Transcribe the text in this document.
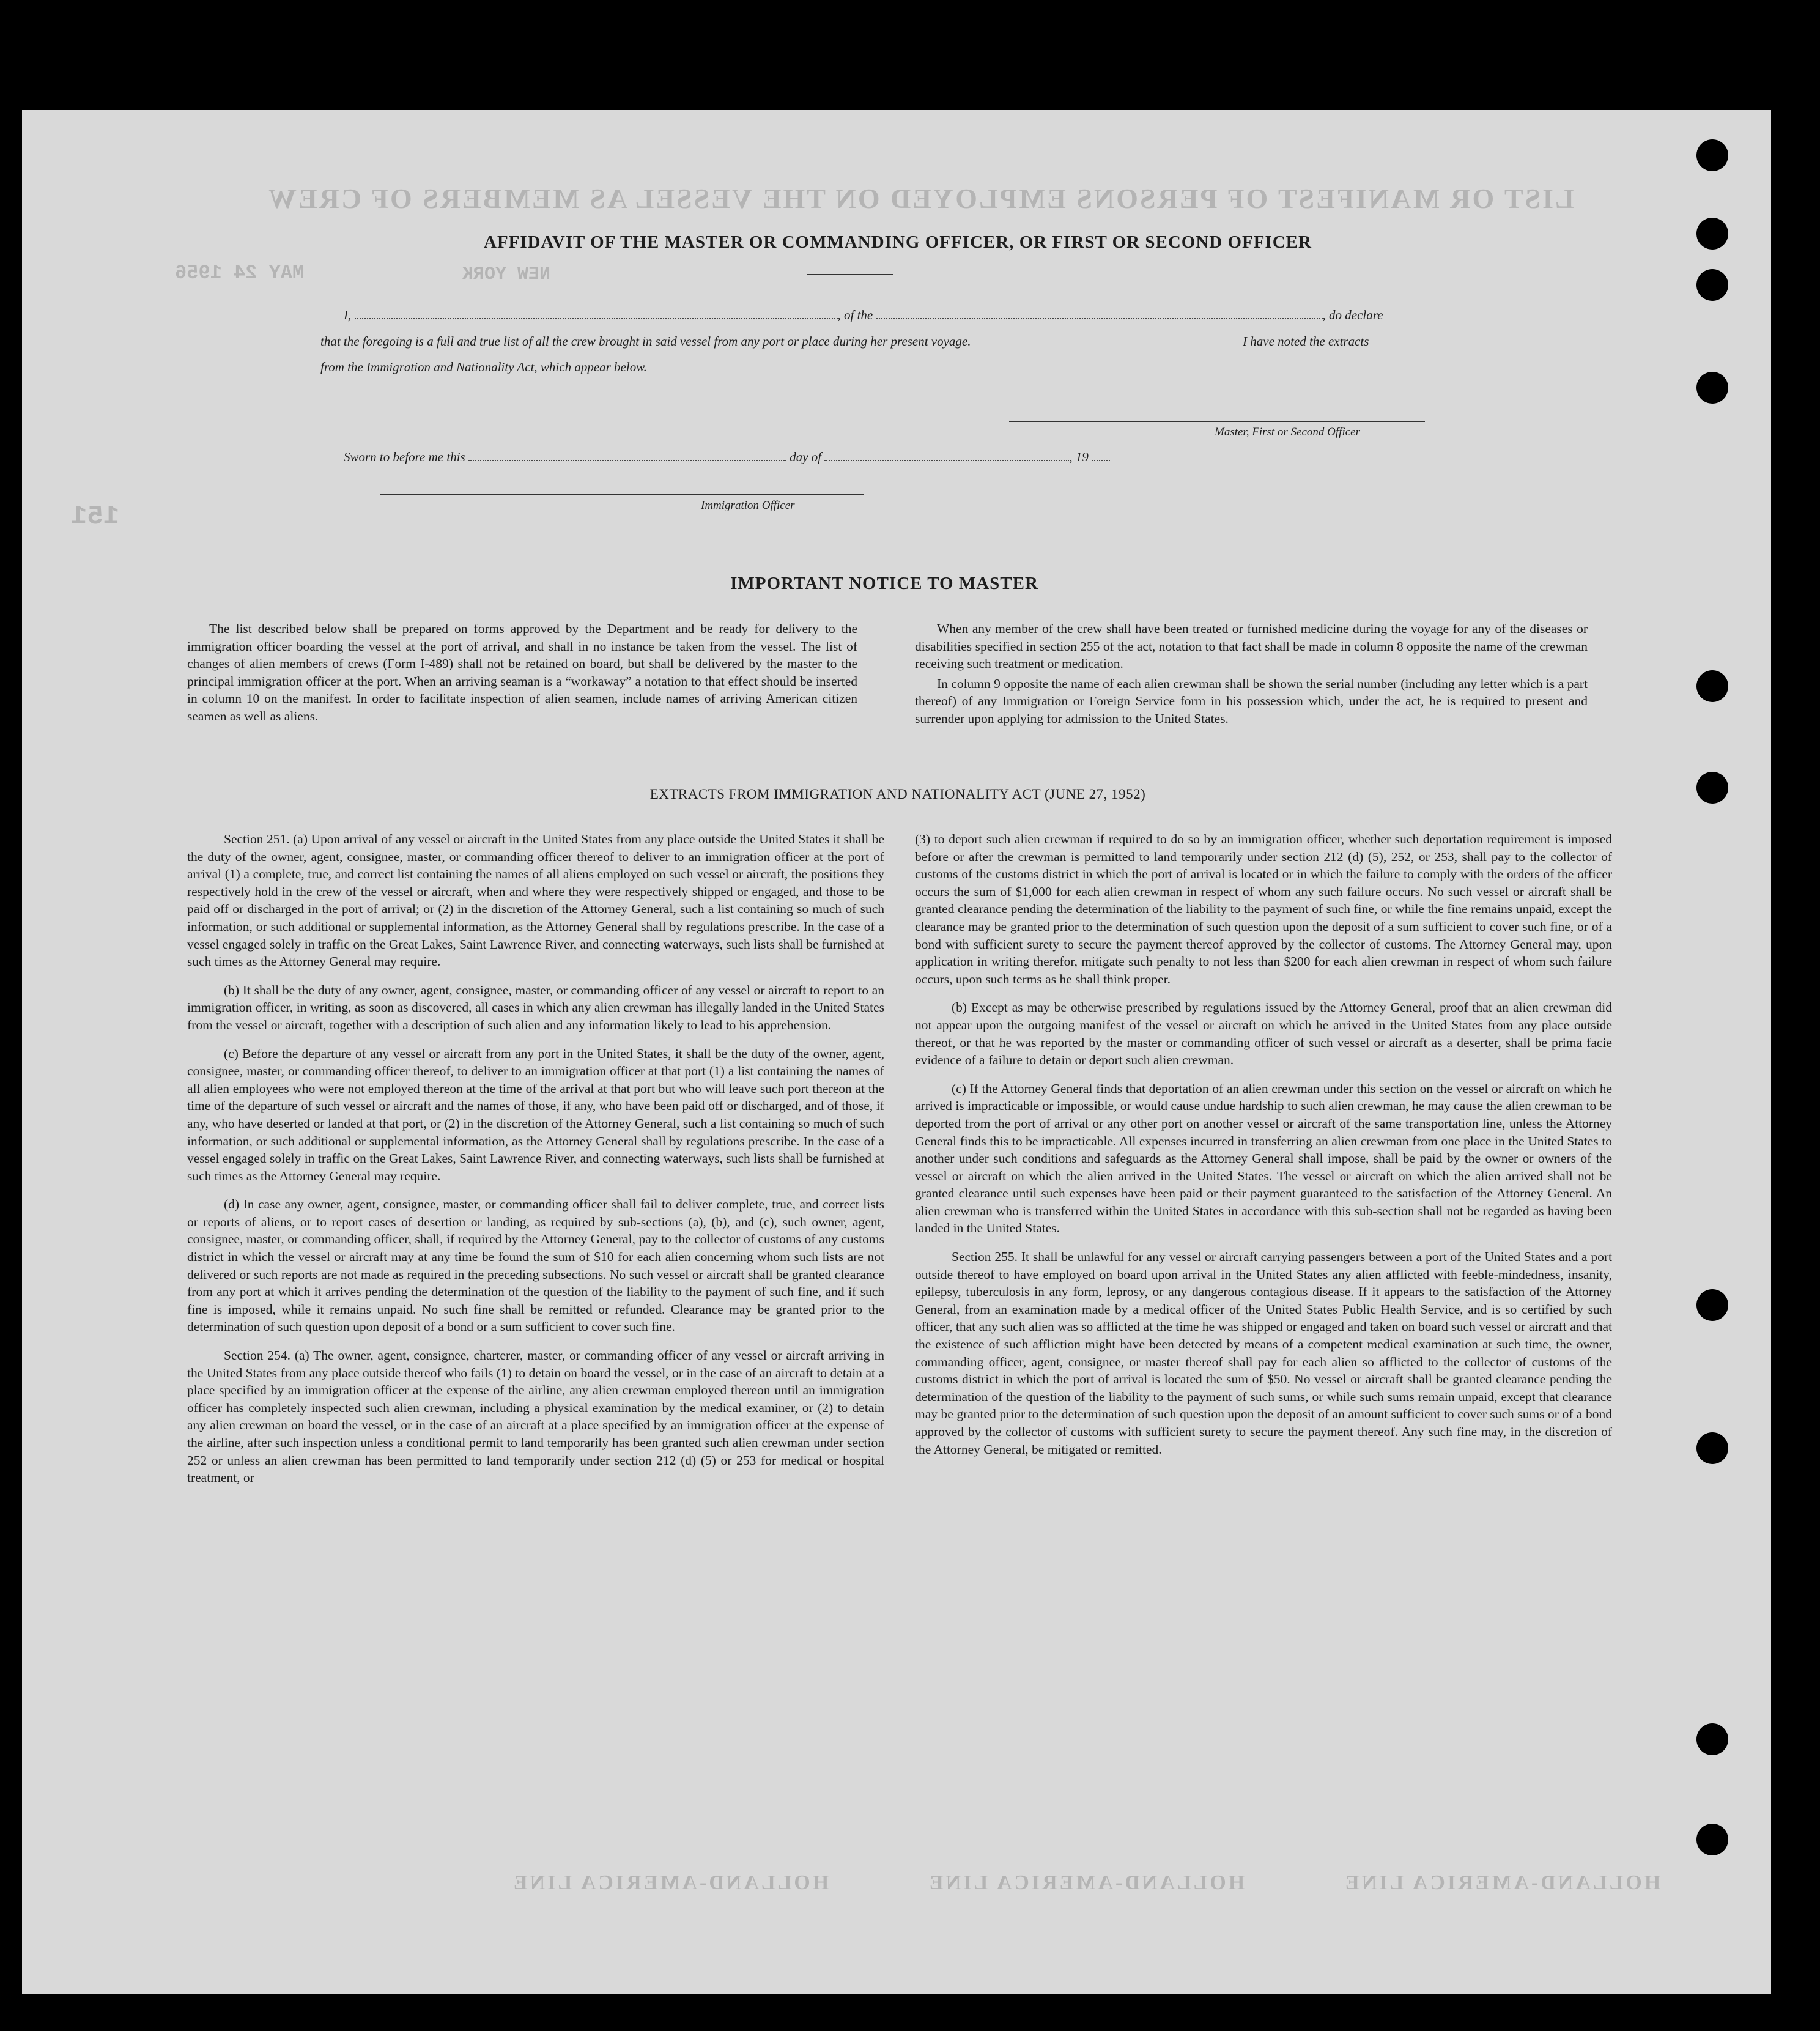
LIST OR MANIFEST OF PERSONS EMPLOYED ON THE VESSEL AS MEMBERS OF CREW
MAY 24 1956	NEW YORK
151
HOLLAND-AMERICA LINE
HOLLAND-AMERICA LINE
HOLLAND-AMERICA LINE
AFFIDAVIT OF THE MASTER OR COMMANDING OFFICER, OR FIRST OR SECOND OFFICER
I,	, of the	, do declare
that the foregoing is a full and true list of all the crew brought in said vessel from any port or place during her present voyage.	I have noted the extracts
from the Immigration and Nationality Act, which appear below.
Master, First or Second Officer
Sworn to before me this	day of	, 19
Immigration Officer
IMPORTANT NOTICE TO MASTER

The list described below shall be prepared on forms approved by the Department and be ready for delivery to the immigration officer boarding the vessel at the port of arrival, and shall in no instance be taken from the vessel. The list of changes of alien members of crews (Form I-489) shall not be retained on board, but shall be delivered by the master to the principal immigration officer at the port. When an arriving seaman is a “workaway” a notation to that effect should be inserted in column 10 on the manifest. In order to facilitate inspection of alien seamen, include names of arriving American citizen seamen as well as aliens.

When any member of the crew shall have been treated or furnished medicine during the voyage for any of the diseases or disabilities specified in section 255 of the act, notation to that fact shall be made in column 8 opposite the name of the crewman receiving such treatment or medication.

In column 9 opposite the name of each alien crewman shall be shown the serial number (including any letter which is a part thereof) of any Immigration or Foreign Service form in his possession which, under the act, he is required to present and surrender upon applying for admission to the United States.

EXTRACTS FROM IMMIGRATION AND NATIONALITY ACT (JUNE 27, 1952)

Section 251. (a) Upon arrival of any vessel or aircraft in the United States from any place outside the United States it shall be the duty of the owner, agent, consignee, master, or commanding officer thereof to deliver to an immigration officer at the port of arrival (1) a complete, true, and correct list containing the names of all aliens employed on such vessel or aircraft, the positions they respectively hold in the crew of the vessel or aircraft, when and where they were respectively shipped or engaged, and those to be paid off or discharged in the port of arrival; or (2) in the discretion of the Attorney General, such a list containing so much of such information, or such additional or supplemental information, as the Attorney General shall by regulations prescribe. In the case of a vessel engaged solely in traffic on the Great Lakes, Saint Lawrence River, and connecting waterways, such lists shall be furnished at such times as the Attorney General may require.

(b) It shall be the duty of any owner, agent, consignee, master, or commanding officer of any vessel or aircraft to report to an immigration officer, in writing, as soon as discovered, all cases in which any alien crewman has illegally landed in the United States from the vessel or aircraft, together with a description of such alien and any information likely to lead to his apprehension.

(c) Before the departure of any vessel or aircraft from any port in the United States, it shall be the duty of the owner, agent, consignee, master, or commanding officer thereof, to deliver to an immigration officer at that port (1) a list containing the names of all alien employees who were not employed thereon at the time of the arrival at that port but who will leave such port thereon at the time of the departure of such vessel or aircraft and the names of those, if any, who have been paid off or discharged, and of those, if any, who have deserted or landed at that port, or (2) in the discretion of the Attorney General, such a list containing so much of such information, or such additional or supplemental information, as the Attorney General shall by regulations prescribe. In the case of a vessel engaged solely in traffic on the Great Lakes, Saint Lawrence River, and connecting waterways, such lists shall be furnished at such times as the Attorney General may require.

(d) In case any owner, agent, consignee, master, or commanding officer shall fail to deliver complete, true, and correct lists or reports of aliens, or to report cases of desertion or landing, as required by sub-sections (a), (b), and (c), such owner, agent, consignee, master, or commanding officer, shall, if required by the Attorney General, pay to the collector of customs of any customs district in which the vessel or aircraft may at any time be found the sum of $10 for each alien concerning whom such lists are not delivered or such reports are not made as required in the preceding subsections. No such vessel or aircraft shall be granted clearance from any port at which it arrives pending the determination of the question of the liability to the payment of such fine, and if such fine is imposed, while it remains unpaid. No such fine shall be remitted or refunded. Clearance may be granted prior to the determination of such question upon deposit of a bond or a sum sufficient to cover such fine.

Section 254. (a) The owner, agent, consignee, charterer, master, or commanding officer of any vessel or aircraft arriving in the United States from any place outside thereof who fails (1) to detain on board the vessel, or in the case of an aircraft to detain at a place specified by an immigration officer at the expense of the airline, any alien crewman employed thereon until an immigration officer has completely inspected such alien crewman, including a physical examination by the medical examiner, or (2) to detain any alien crewman on board the vessel, or in the case of an aircraft at a place specified by an immigration officer at the expense of the airline, after such inspection unless a conditional permit to land temporarily has been granted such alien crewman under section 252 or unless an alien crewman has been permitted to land temporarily under section 212 (d) (5) or 253 for medical or hospital treatment, or

(3) to deport such alien crewman if required to do so by an immigration officer, whether such deportation requirement is imposed before or after the crewman is permitted to land temporarily under section 212 (d) (5), 252, or 253, shall pay to the collector of customs of the customs district in which the port of arrival is located or in which the failure to comply with the orders of the officer occurs the sum of $1,000 for each alien crewman in respect of whom any such failure occurs. No such vessel or aircraft shall be granted clearance pending the determination of the liability to the payment of such fine, or while the fine remains unpaid, except the clearance may be granted prior to the determination of such question upon the deposit of a sum sufficient to cover such fine, or of a bond with sufficient surety to secure the payment thereof approved by the collector of customs. The Attorney General may, upon application in writing therefor, mitigate such penalty to not less than $200 for each alien crewman in respect of whom such failure occurs, upon such terms as he shall think proper.

(b) Except as may be otherwise prescribed by regulations issued by the Attorney General, proof that an alien crewman did not appear upon the outgoing manifest of the vessel or aircraft on which he arrived in the United States from any place outside thereof, or that he was reported by the master or commanding officer of such vessel or aircraft as a deserter, shall be prima facie evidence of a failure to detain or deport such alien crewman.

(c) If the Attorney General finds that deportation of an alien crewman under this section on the vessel or aircraft on which he arrived is impracticable or impossible, or would cause undue hardship to such alien crewman, he may cause the alien crewman to be deported from the port of arrival or any other port on another vessel or aircraft of the same transportation line, unless the Attorney General finds this to be impracticable. All expenses incurred in transferring an alien crewman from one place in the United States to another under such conditions and safeguards as the Attorney General shall impose, shall be paid by the owner or owners of the vessel or aircraft on which the alien arrived in the United States. The vessel or aircraft on which the alien arrived shall not be granted clearance until such expenses have been paid or their payment guaranteed to the satisfaction of the Attorney General. An alien crewman who is transferred within the United States in accordance with this sub-section shall not be regarded as having been landed in the United States.

Section 255. It shall be unlawful for any vessel or aircraft carrying passengers between a port of the United States and a port outside thereof to have employed on board upon arrival in the United States any alien afflicted with feeble-mindedness, insanity, epilepsy, tuberculosis in any form, leprosy, or any dangerous contagious disease. If it appears to the satisfaction of the Attorney General, from an examination made by a medical officer of the United States Public Health Service, and is so certified by such officer, that any such alien was so afflicted at the time he was shipped or engaged and taken on board such vessel or aircraft and that the existence of such affliction might have been detected by means of a competent medical examination at such time, the owner, commanding officer, agent, consignee, or master thereof shall pay for each alien so afflicted to the collector of customs of the customs district in which the port of arrival is located the sum of $50. No vessel or aircraft shall be granted clearance pending the determination of the question of the liability to the payment of such sums, or while such sums remain unpaid, except that clearance may be granted prior to the determination of such question upon the deposit of an amount sufficient to cover such sums or of a bond approved by the collector of customs with sufficient surety to secure the payment thereof. Any such fine may, in the discretion of the Attorney General, be mitigated or remitted.
